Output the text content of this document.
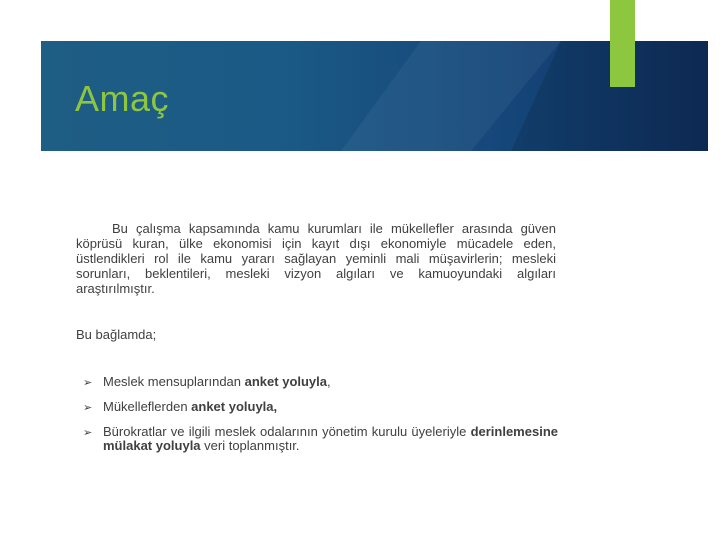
Amaç
Bu çalışma kapsamında kamu kurumları ile mükellefler arasında güven köprüsü kuran, ülke ekonomisi için kayıt dışı ekonomiyle mücadele eden, üstlendikleri rol ile kamu yararı sağlayan yeminli mali müşavirlerin; mesleki sorunları, beklentileri, mesleki vizyon algıları ve kamuoyundaki algıları araştırılmıştır.
Bu bağlamda;
➢ Meslek mensuplarından anket yoluyla,
➢ Mükelleflerden anket yoluyla,
➢ Bürokratlar ve ilgili meslek odalarının yönetim kurulu üyeleriyle derinlemesine mülakat yoluyla veri toplanmıştır.
